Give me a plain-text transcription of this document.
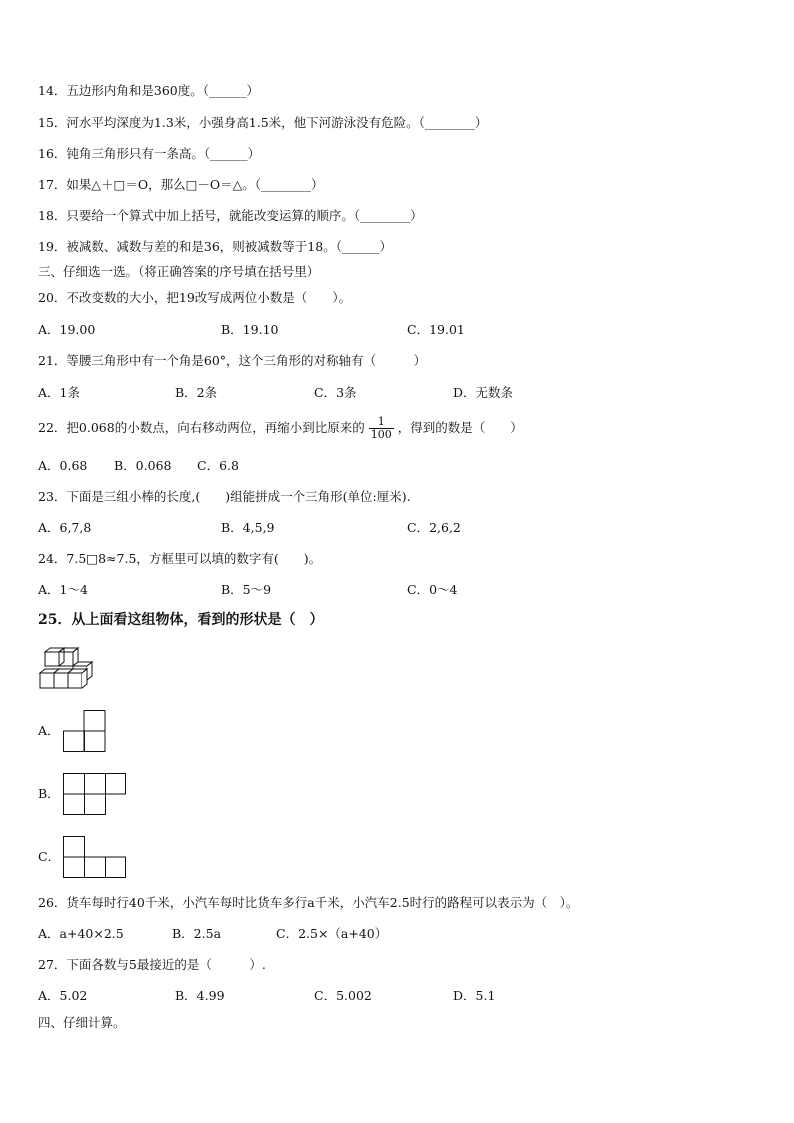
14．五边形内角和是360度。（______）
15．河水平均深度为1.3米，小强身高1.5米，他下河游泳没有危险。（________）
16．钝角三角形只有一条高。（______）
17．如果△＋□＝O，那么□－O＝△。（________）
18．只要给一个算式中加上括号，就能改变运算的顺序。（________）
19．被减数、减数与差的和是36，则被减数等于18。（______）
三、仔细选一选。（将正确答案的序号填在括号里）
20．不改变数的大小，把19改写成两位小数是（　　）。
A．19.00	B．19.10	C．19.01
21．等腰三角形中有一个角是60°，这个三角形的对称轴有（　　　）
A．1条	B．2条	C．3条	D．无数条
22．把0.068的小数点，向右移动两位，再缩小到比原来的 $\frac{1}{100}$ ，得到的数是（　　）
A．0.68 B．0.068 C．6.8
23．下面是三组小棒的长度,(　　)组能拼成一个三角形(单位:厘米).
A．6,7,8	B．4,5,9	C．2,6,2
24．7.5□8≈7.5，方框里可以填的数字有(　　)。
A．1～4	B．5～9	C．0～4
25．从上面看这组物体，看到的形状是（　）
A．
B．
C．
26．货车每时行40千米，小汽车每时比货车多行a千米，小汽车2.5时行的路程可以表示为（　）。
A．a+40×2.5	B．2.5a	C．2.5×（a+40）
27．下面各数与5最接近的是（　　　）.
A．5.02	B．4.99	C．5.002	D．5.1
四、仔细计算。
